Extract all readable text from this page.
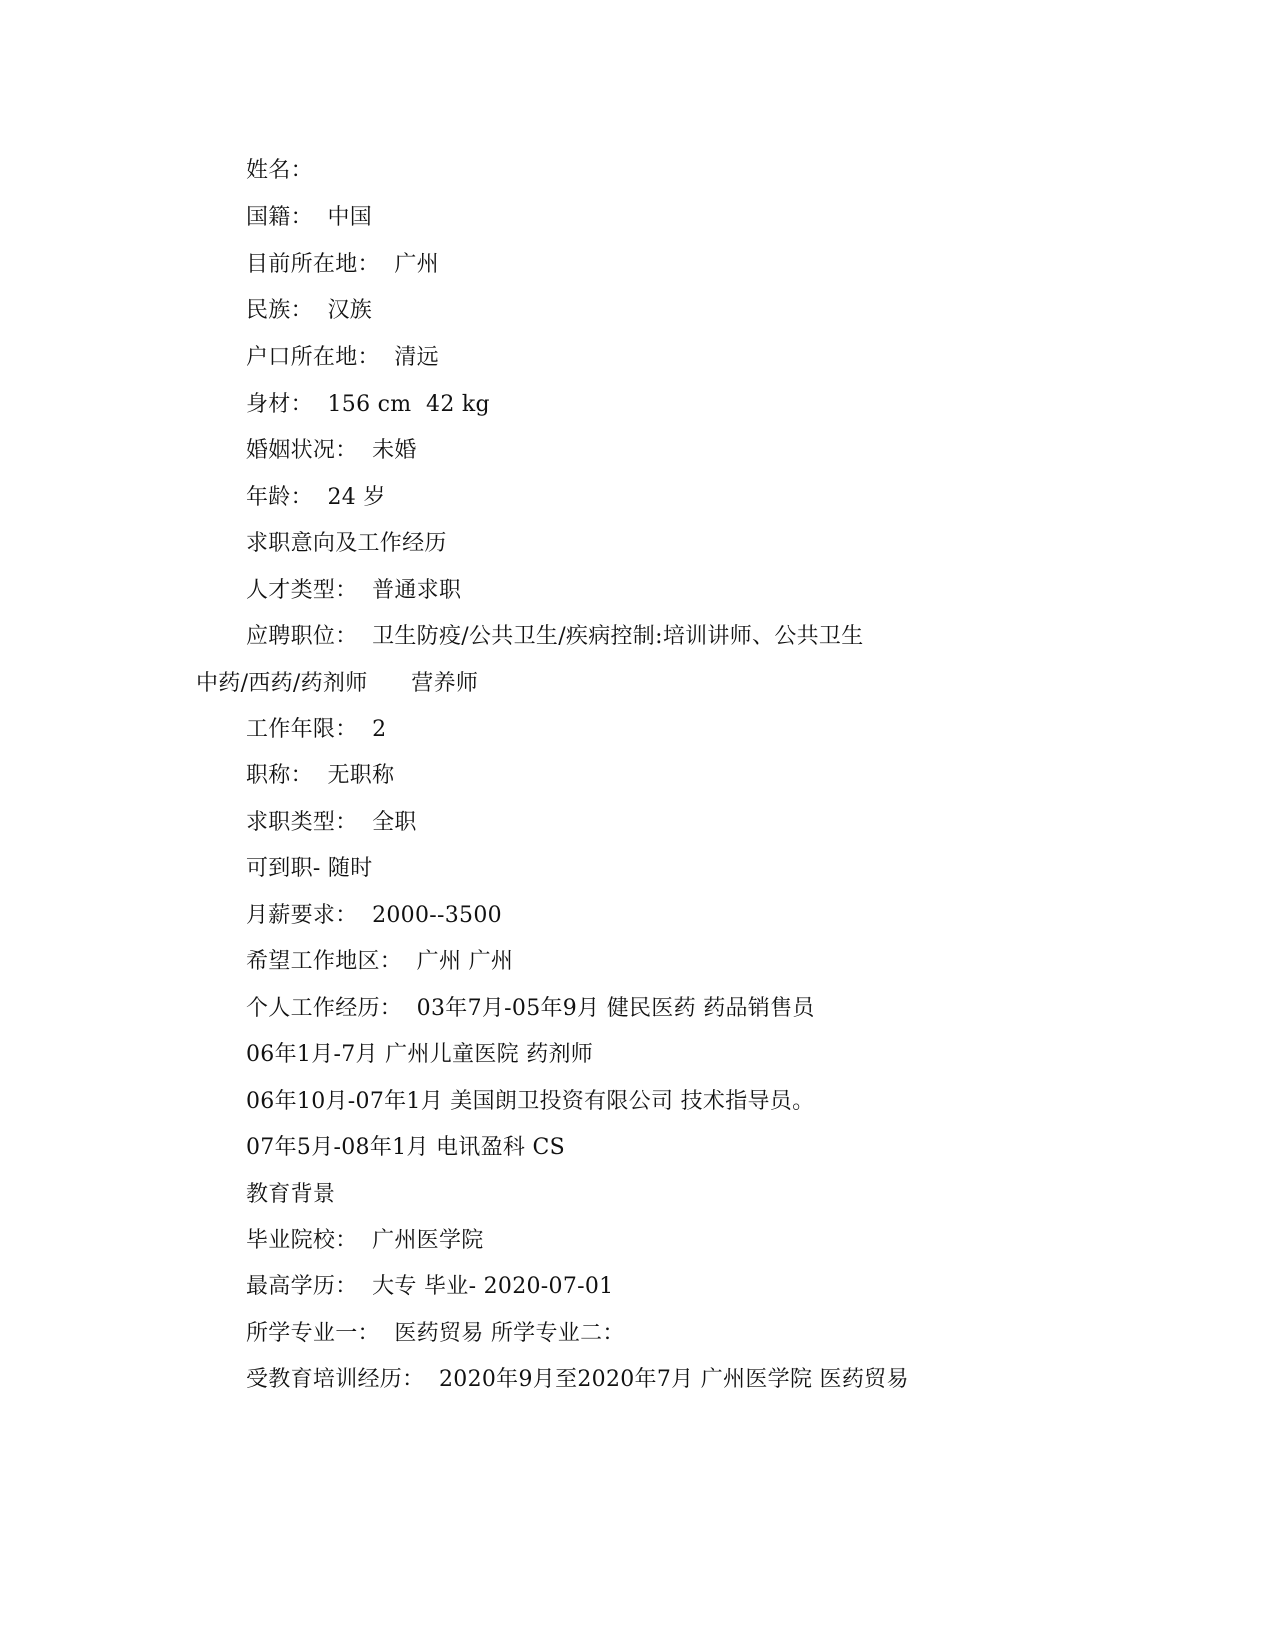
姓名：
国籍：  中国
目前所在地：  广州
民族：  汉族
户口所在地：  清远
身材：  156 cm  42 kg
婚姻状况：  未婚
年龄：  24 岁
求职意向及工作经历
人才类型：  普通求职
应聘职位：  卫生防疫/公共卫生/疾病控制:培训讲师、公共卫生
中药/西药/药剂师      营养师
工作年限：  2
职称：  无职称
求职类型：  全职
可到职- 随时
月薪要求：  2000--3500
希望工作地区：  广州 广州
个人工作经历：  03年7月-05年9月 健民医药 药品销售员
06年1月-7月 广州儿童医院 药剂师
06年10月-07年1月 美国朗卫投资有限公司 技术指导员。
07年5月-08年1月 电讯盈科 CS
教育背景
毕业院校：  广州医学院
最高学历：  大专 毕业- 2020-07-01
所学专业一：  医药贸易 所学专业二：
受教育培训经历：  2020年9月至2020年7月 广州医学院 医药贸易
